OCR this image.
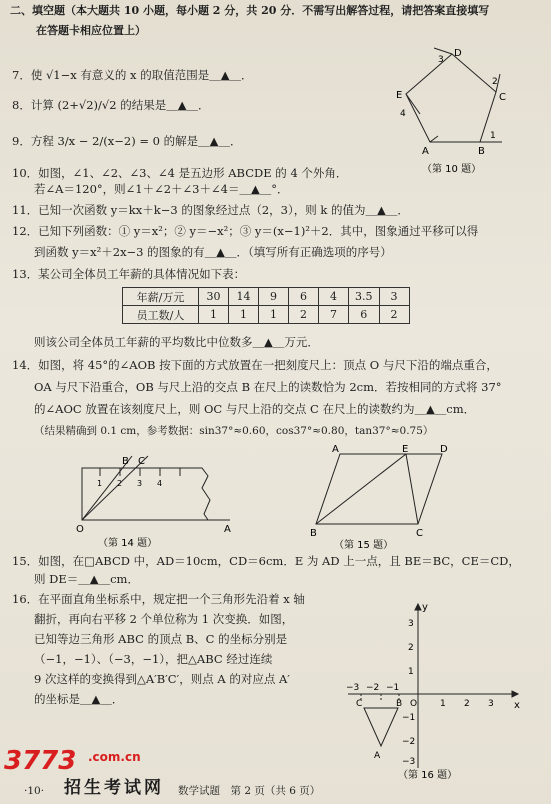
二、填空题（本大题共 10 小题，每小题 2 分，共 20 分．不需写出解答过程，请把答案直接填写
在答题卡相应位置上）
7．使 √1−x 有意义的 x 的取值范围是＿▲＿．
8．计算 (2+√2)/√2 的结果是＿▲＿．
9．方程 3/x − 2/(x−2) = 0 的解是＿▲＿．
10．如图，∠1、∠2、∠3、∠4 是五边形 ABCDE 的 4 个外角．
若∠A＝120°，则∠1＋∠2＋∠3＋∠4＝＿▲＿°．
11．已知一次函数 y＝kx＋k−3 的图象经过点（2，3），则 k 的值为＿▲＿．
12．已知下列函数：① y＝x²；② y＝−x²；③ y＝(x−1)²＋2．其中，图象通过平移可以得
到函数 y＝x²＋2x−3 的图象的有＿▲＿．（填写所有正确选项的序号）
13．某公司全体员工年薪的具体情况如下表：
年薪/万元	30	14	9	6	4	3.5	3
员工数/人	1	1	1	2	7	6	2
则该公司全体员工年薪的平均数比中位数多＿▲＿万元．
14．如图，将 45°的∠AOB 按下面的方式放置在一把刻度尺上：顶点 O 与尺下沿的端点重合，
OA 与尺下沿重合，OB 与尺上沿的交点 B 在尺上的读数恰为 2cm．若按相同的方式将 37°
的∠AOC 放置在该刻度尺上，则 OC 与尺上沿的交点 C 在尺上的读数约为＿▲＿cm．
（结果精确到 0.1 cm，参考数据：sin37°≈0.60，cos37°≈0.80，tan37°≈0.75）
15．如图，在□ABCD 中，AD＝10cm，CD＝6cm．E 为 AD 上一点，且 BE＝BC，CE＝CD，
则 DE＝＿▲＿cm．
16．在平面直角坐标系中，规定把一个三角形先沿着 x 轴
翻折，再向右平移 2 个单位称为 1 次变换．如图，
已知等边三角形 ABC 的顶点 B、C 的坐标分别是
（−1，−1）、（−3，−1），把△ABC 经过连续
9 次这样的变换得到△A′B′C′，则点 A 的对应点 A′
的坐标是＿▲＿．
D
C
B
A
E
1
2
3
4
（第 10 题）
B C
O	A
1 2 3 4
（第 14 题）
A	E	D
B	C
（第 15 题）
y
x
O
3
2
1
−1
−2
−3
−3 −2 −1
1 2 3
C	B
A
（第 16 题）
·10·	数学试题　第 2 页（共 6 页）
3773 .com.cn
招生考试网
